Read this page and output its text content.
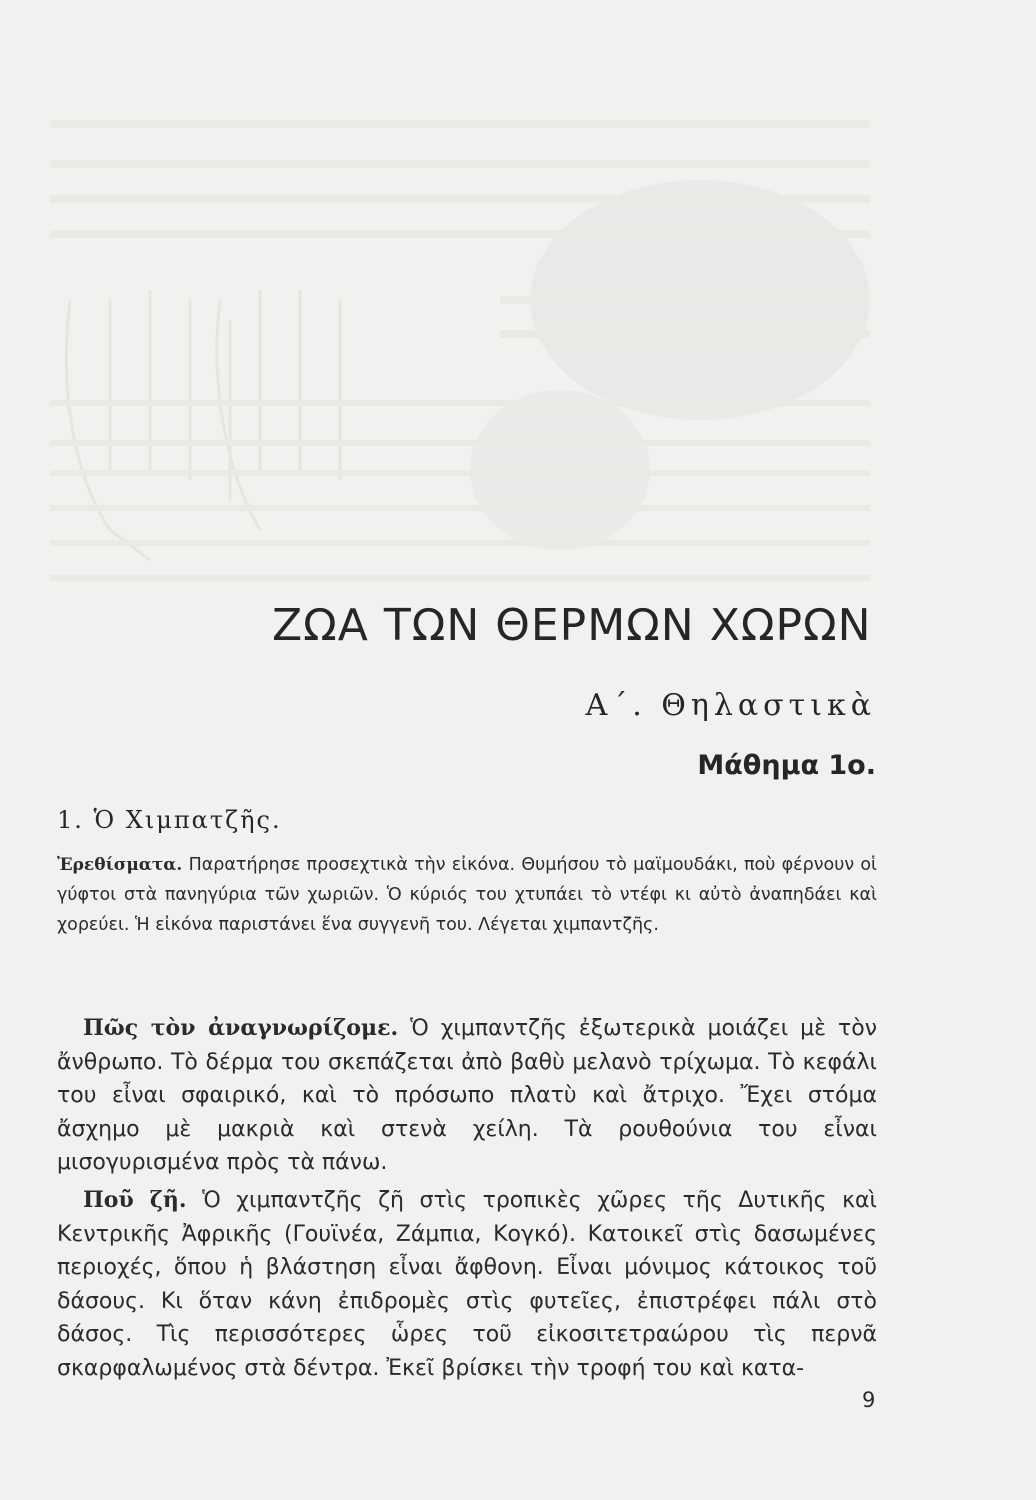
ΖΩΑ ΤΩΝ ΘΕΡΜΩΝ ΧΩΡΩΝ
Α΄. Θηλαστικὰ
Μάθημα 1ο.
1. Ὁ Χιμπατζῆς.
Ἐρεθίσματα. Παρατήρησε προσεχτικὰ τὴν εἰκόνα. Θυμήσου τὸ μαϊμουδάκι, ποὺ φέρνουν οἱ γύφτοι στὰ πανηγύρια τῶν χωριῶν. Ὁ κύριός του χτυπάει τὸ ντέφι κι αὐτὸ ἀναπηδάει καὶ χορεύει. Ἡ εἰκόνα παριστάνει ἕνα συγγενῆ του. Λέγεται χιμπαντζῆς.

Πῶς τὸν ἀναγνωρίζομε. Ὁ χιμπαντζῆς ἐξωτερικὰ μοιάζει μὲ τὸν ἄνθρωπο. Τὸ δέρμα του σκεπάζεται ἀπὸ βαθὺ μελανὸ τρίχωμα. Τὸ κεφάλι του εἶναι σφαιρικό, καὶ τὸ πρόσωπο πλατὺ καὶ ἄτριχο. Ἔχει στόμα ἄσχημο μὲ μακριὰ καὶ στενὰ χείλη. Τὰ ρουθούνια του εἶναι μισογυρισμένα πρὸς τὰ πάνω.

Ποῦ ζῆ. Ὁ χιμπαντζῆς ζῆ στὶς τροπικὲς χῶρες τῆς Δυτικῆς καὶ Κεντρικῆς Ἀφρικῆς (Γουϊνέα, Ζάμπια, Κογκό). Κατοικεῖ στὶς δασωμένες περιοχές, ὅπου ἡ βλάστηση εἶναι ἄφθονη. Εἶναι μόνιμος κάτοικος τοῦ δάσους. Κι ὅταν κάνη ἐπιδρομὲς στὶς φυτεῖες, ἐπιστρέφει πάλι στὸ δάσος. Τὶς περισσότερες ὧρες τοῦ εἰκοσιτετραώρου τὶς περνᾶ σκαρφαλωμένος στὰ δέντρα. Ἐκεῖ βρίσκει τὴν τροφή του καὶ κατα-

9
